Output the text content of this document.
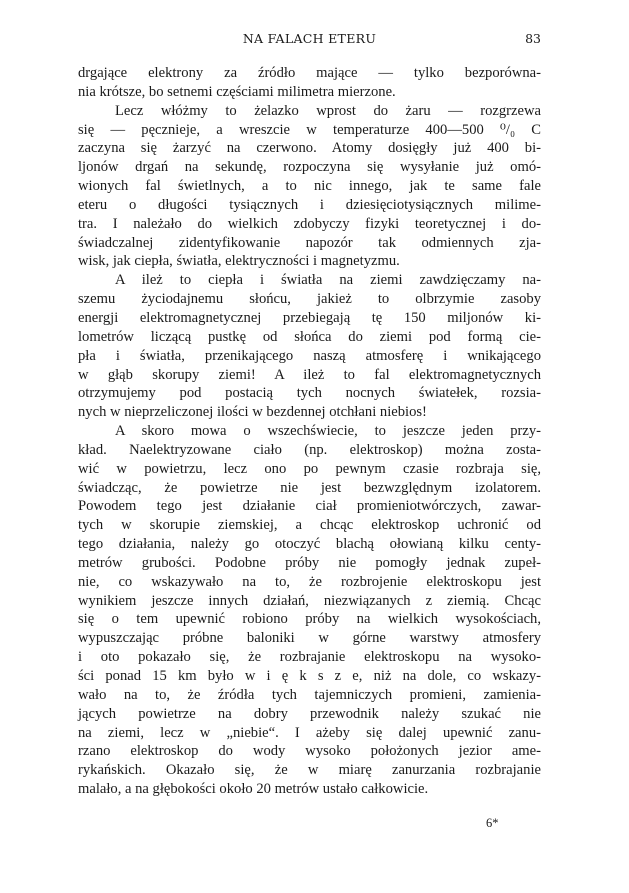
NA FALACH ETERU	83
drgające elektrony za źródło mające — tylko bezporówna-
nia krótsze, bo setnemi częściami milimetra mierzone.
Lecz włóżmy to żelazko wprost do żaru — rozgrzewa
się — pęcznieje, a wreszcie w temperaturze 400—500 ⁰/₀ C
zaczyna się żarzyć na czerwono. Atomy dosięgły już 400 bi-
ljonów drgań na sekundę, rozpoczyna się wysyłanie już omó-
wionych fal świetlnych, a to nic innego, jak te same fale
eteru o długości tysiącznych i dziesięciotysiącznych milime-
tra. I należało do wielkich zdobyczy fizyki teoretycznej i do-
świadczalnej zidentyfikowanie napozór tak odmiennych zja-
wisk, jak ciepła, światła, elektryczności i magnetyzmu.
A ileż to ciepła i światła na ziemi zawdzięczamy na-
szemu życiodajnemu słońcu, jakież to olbrzymie zasoby
energji elektromagnetycznej przebiegają tę 150 miljonów ki-
lometrów liczącą pustkę od słońca do ziemi pod formą cie-
pła i światła, przenikającego naszą atmosferę i wnikającego
w głąb skorupy ziemi! A ileż to fal elektromagnetycznych
otrzymujemy pod postacią tych nocnych światełek, rozsia-
nych w nieprzeliczonej ilości w bezdennej otchłani niebios!
A skoro mowa o wszechświecie, to jeszcze jeden przy-
kład. Naelektryzowane ciało (np. elektroskop) można zosta-
wić w powietrzu, lecz ono po pewnym czasie rozbraja się,
świadcząc, że powietrze nie jest bezwzględnym izolatorem.
Powodem tego jest działanie ciał promieniotwórczych, zawar-
tych w skorupie ziemskiej, a chcąc elektroskop uchronić od
tego działania, należy go otoczyć blachą ołowianą kilku centy-
metrów grubości. Podobne próby nie pomogły jednak zupeł-
nie, co wskazywało na to, że rozbrojenie elektroskopu jest
wynikiem jeszcze innych działań, niezwiązanych z ziemią. Chcąc
się o tem upewnić robiono próby na wielkich wysokościach,
wypuszczając próbne baloniki w górne warstwy atmosfery
i oto pokazało się, że rozbrajanie elektroskopu na wysoko-
ści ponad 15 km było w i ę k s z e, niż na dole, co wskazy-
wało na to, że źródła tych tajemniczych promieni, zamienia-
jących powietrze na dobry przewodnik należy szukać nie
na ziemi, lecz w „niebie“. I ażeby się dalej upewnić zanu-
rzano elektroskop do wody wysoko położonych jezior ame-
rykańskich. Okazało się, że w miarę zanurzania rozbrajanie
malało, a na głębokości około 20 metrów ustało całkowicie.
6*
